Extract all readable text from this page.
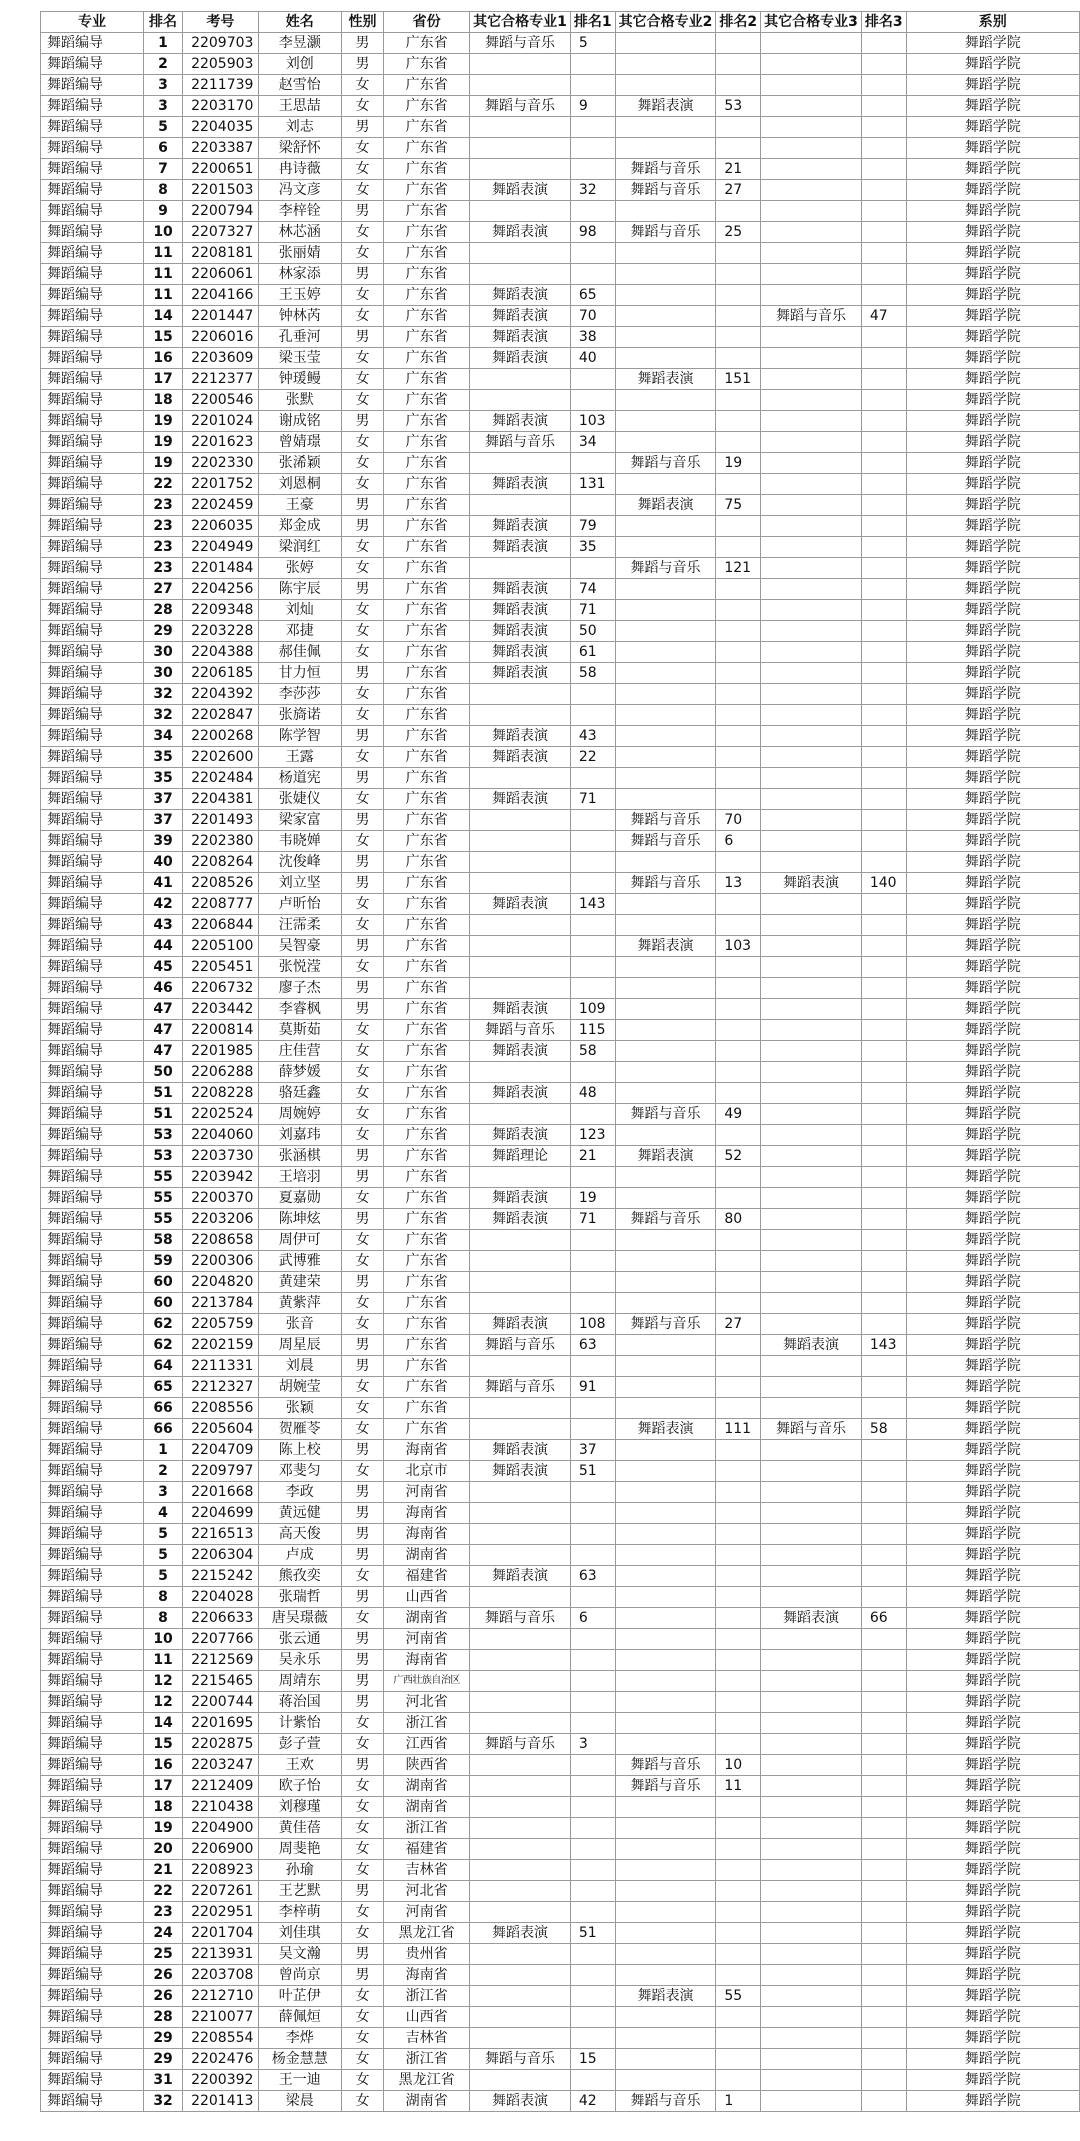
专业	排名	考号	姓名	性别	省份	其它合格专业1	排名1	其它合格专业2	排名2	其它合格专业3	排名3	系别
舞蹈编导	1	2209703	李昱灏	男	广东省	舞蹈与音乐	5					舞蹈学院
舞蹈编导	2	2205903	刘创	男	广东省							舞蹈学院
舞蹈编导	3	2211739	赵雪怡	女	广东省							舞蹈学院
舞蹈编导	3	2203170	王思喆	女	广东省	舞蹈与音乐	9	舞蹈表演	53			舞蹈学院
舞蹈编导	5	2204035	刘志	男	广东省							舞蹈学院
舞蹈编导	6	2203387	梁舒怀	女	广东省							舞蹈学院
舞蹈编导	7	2200651	冉诗薇	女	广东省			舞蹈与音乐	21			舞蹈学院
舞蹈编导	8	2201503	冯文彦	女	广东省	舞蹈表演	32	舞蹈与音乐	27			舞蹈学院
舞蹈编导	9	2200794	李梓铨	男	广东省							舞蹈学院
舞蹈编导	10	2207327	林芯涵	女	广东省	舞蹈表演	98	舞蹈与音乐	25			舞蹈学院
舞蹈编导	11	2208181	张丽婧	女	广东省							舞蹈学院
舞蹈编导	11	2206061	林家添	男	广东省							舞蹈学院
舞蹈编导	11	2204166	王玉婷	女	广东省	舞蹈表演	65					舞蹈学院
舞蹈编导	14	2201447	钟林芮	女	广东省	舞蹈表演	70			舞蹈与音乐	47	舞蹈学院
舞蹈编导	15	2206016	孔垂河	男	广东省	舞蹈表演	38					舞蹈学院
舞蹈编导	16	2203609	梁玉莹	女	广东省	舞蹈表演	40					舞蹈学院
舞蹈编导	17	2212377	钟瑗鳗	女	广东省			舞蹈表演	151			舞蹈学院
舞蹈编导	18	2200546	张默	女	广东省							舞蹈学院
舞蹈编导	19	2201024	谢成铭	男	广东省	舞蹈表演	103					舞蹈学院
舞蹈编导	19	2201623	曾婧璟	女	广东省	舞蹈与音乐	34					舞蹈学院
舞蹈编导	19	2202330	张浠颖	女	广东省			舞蹈与音乐	19			舞蹈学院
舞蹈编导	22	2201752	刘恩桐	女	广东省	舞蹈表演	131					舞蹈学院
舞蹈编导	23	2202459	王豪	男	广东省			舞蹈表演	75			舞蹈学院
舞蹈编导	23	2206035	郑金成	男	广东省	舞蹈表演	79					舞蹈学院
舞蹈编导	23	2204949	梁润红	女	广东省	舞蹈表演	35					舞蹈学院
舞蹈编导	23	2201484	张婷	女	广东省			舞蹈与音乐	121			舞蹈学院
舞蹈编导	27	2204256	陈宇辰	男	广东省	舞蹈表演	74					舞蹈学院
舞蹈编导	28	2209348	刘灿	女	广东省	舞蹈表演	71					舞蹈学院
舞蹈编导	29	2203228	邓捷	女	广东省	舞蹈表演	50					舞蹈学院
舞蹈编导	30	2204388	郝佳佩	女	广东省	舞蹈表演	61					舞蹈学院
舞蹈编导	30	2206185	甘力恒	男	广东省	舞蹈表演	58					舞蹈学院
舞蹈编导	32	2204392	李莎莎	女	广东省							舞蹈学院
舞蹈编导	32	2202847	张旖诺	女	广东省							舞蹈学院
舞蹈编导	34	2200268	陈学智	男	广东省	舞蹈表演	43					舞蹈学院
舞蹈编导	35	2202600	王露	女	广东省	舞蹈表演	22					舞蹈学院
舞蹈编导	35	2202484	杨道宪	男	广东省							舞蹈学院
舞蹈编导	37	2204381	张婕仪	女	广东省	舞蹈表演	71					舞蹈学院
舞蹈编导	37	2201493	梁家富	男	广东省			舞蹈与音乐	70			舞蹈学院
舞蹈编导	39	2202380	韦晓婵	女	广东省			舞蹈与音乐	6			舞蹈学院
舞蹈编导	40	2208264	沈俊峰	男	广东省							舞蹈学院
舞蹈编导	41	2208526	刘立坚	男	广东省			舞蹈与音乐	13	舞蹈表演	140	舞蹈学院
舞蹈编导	42	2208777	卢昕怡	女	广东省	舞蹈表演	143					舞蹈学院
舞蹈编导	43	2206844	汪霈柔	女	广东省							舞蹈学院
舞蹈编导	44	2205100	吴智豪	男	广东省			舞蹈表演	103			舞蹈学院
舞蹈编导	45	2205451	张悦滢	女	广东省							舞蹈学院
舞蹈编导	46	2206732	廖子杰	男	广东省							舞蹈学院
舞蹈编导	47	2203442	李睿枫	男	广东省	舞蹈表演	109					舞蹈学院
舞蹈编导	47	2200814	莫斯茹	女	广东省	舞蹈与音乐	115					舞蹈学院
舞蹈编导	47	2201985	庄佳营	女	广东省	舞蹈表演	58					舞蹈学院
舞蹈编导	50	2206288	薛梦媛	女	广东省							舞蹈学院
舞蹈编导	51	2208228	骆廷鑫	女	广东省	舞蹈表演	48					舞蹈学院
舞蹈编导	51	2202524	周婉婷	女	广东省			舞蹈与音乐	49			舞蹈学院
舞蹈编导	53	2204060	刘嘉玮	女	广东省	舞蹈表演	123					舞蹈学院
舞蹈编导	53	2203730	张涵棋	男	广东省	舞蹈理论	21	舞蹈表演	52			舞蹈学院
舞蹈编导	55	2203942	王培羽	男	广东省							舞蹈学院
舞蹈编导	55	2200370	夏嘉勋	女	广东省	舞蹈表演	19					舞蹈学院
舞蹈编导	55	2203206	陈坤炫	男	广东省	舞蹈表演	71	舞蹈与音乐	80			舞蹈学院
舞蹈编导	58	2208658	周伊可	女	广东省							舞蹈学院
舞蹈编导	59	2200306	武博雅	女	广东省							舞蹈学院
舞蹈编导	60	2204820	黄建荣	男	广东省							舞蹈学院
舞蹈编导	60	2213784	黄紫萍	女	广东省							舞蹈学院
舞蹈编导	62	2205759	张音	女	广东省	舞蹈表演	108	舞蹈与音乐	27			舞蹈学院
舞蹈编导	62	2202159	周星辰	男	广东省	舞蹈与音乐	63			舞蹈表演	143	舞蹈学院
舞蹈编导	64	2211331	刘晨	男	广东省							舞蹈学院
舞蹈编导	65	2212327	胡婉莹	女	广东省	舞蹈与音乐	91					舞蹈学院
舞蹈编导	66	2208556	张颖	女	广东省							舞蹈学院
舞蹈编导	66	2205604	贺雁苓	女	广东省			舞蹈表演	111	舞蹈与音乐	58	舞蹈学院
舞蹈编导	1	2204709	陈上校	男	海南省	舞蹈表演	37					舞蹈学院
舞蹈编导	2	2209797	邓斐匀	女	北京市	舞蹈表演	51					舞蹈学院
舞蹈编导	3	2201668	李政	男	河南省							舞蹈学院
舞蹈编导	4	2204699	黄远健	男	海南省							舞蹈学院
舞蹈编导	5	2216513	高天俊	男	海南省							舞蹈学院
舞蹈编导	5	2206304	卢成	男	湖南省							舞蹈学院
舞蹈编导	5	2215242	熊孜奕	女	福建省	舞蹈表演	63					舞蹈学院
舞蹈编导	8	2204028	张瑞哲	男	山西省							舞蹈学院
舞蹈编导	8	2206633	唐吴璟薇	女	湖南省	舞蹈与音乐	6			舞蹈表演	66	舞蹈学院
舞蹈编导	10	2207766	张云通	男	河南省							舞蹈学院
舞蹈编导	11	2212569	吴永乐	男	海南省							舞蹈学院
舞蹈编导	12	2215465	周靖东	男	广西壮族自治区							舞蹈学院
舞蹈编导	12	2200744	蒋治国	男	河北省							舞蹈学院
舞蹈编导	14	2201695	计紫怡	女	浙江省							舞蹈学院
舞蹈编导	15	2202875	彭子萱	女	江西省	舞蹈与音乐	3					舞蹈学院
舞蹈编导	16	2203247	王欢	男	陕西省			舞蹈与音乐	10			舞蹈学院
舞蹈编导	17	2212409	欧子怡	女	湖南省			舞蹈与音乐	11			舞蹈学院
舞蹈编导	18	2210438	刘穆瑾	女	湖南省							舞蹈学院
舞蹈编导	19	2204900	黄佳蓓	女	浙江省							舞蹈学院
舞蹈编导	20	2206900	周斐艳	女	福建省							舞蹈学院
舞蹈编导	21	2208923	孙瑜	女	吉林省							舞蹈学院
舞蹈编导	22	2207261	王艺默	男	河北省							舞蹈学院
舞蹈编导	23	2202951	李梓萌	女	河南省							舞蹈学院
舞蹈编导	24	2201704	刘佳琪	女	黑龙江省	舞蹈表演	51					舞蹈学院
舞蹈编导	25	2213931	吴文瀚	男	贵州省							舞蹈学院
舞蹈编导	26	2203708	曾尚京	男	海南省							舞蹈学院
舞蹈编导	26	2212710	叶芷伊	女	浙江省			舞蹈表演	55			舞蹈学院
舞蹈编导	28	2210077	薛佩烜	女	山西省							舞蹈学院
舞蹈编导	29	2208554	李烨	女	吉林省							舞蹈学院
舞蹈编导	29	2202476	杨金慧慧	女	浙江省	舞蹈与音乐	15					舞蹈学院
舞蹈编导	31	2200392	王一迪	女	黑龙江省							舞蹈学院
舞蹈编导	32	2201413	梁晨	女	湖南省	舞蹈表演	42	舞蹈与音乐	1			舞蹈学院
